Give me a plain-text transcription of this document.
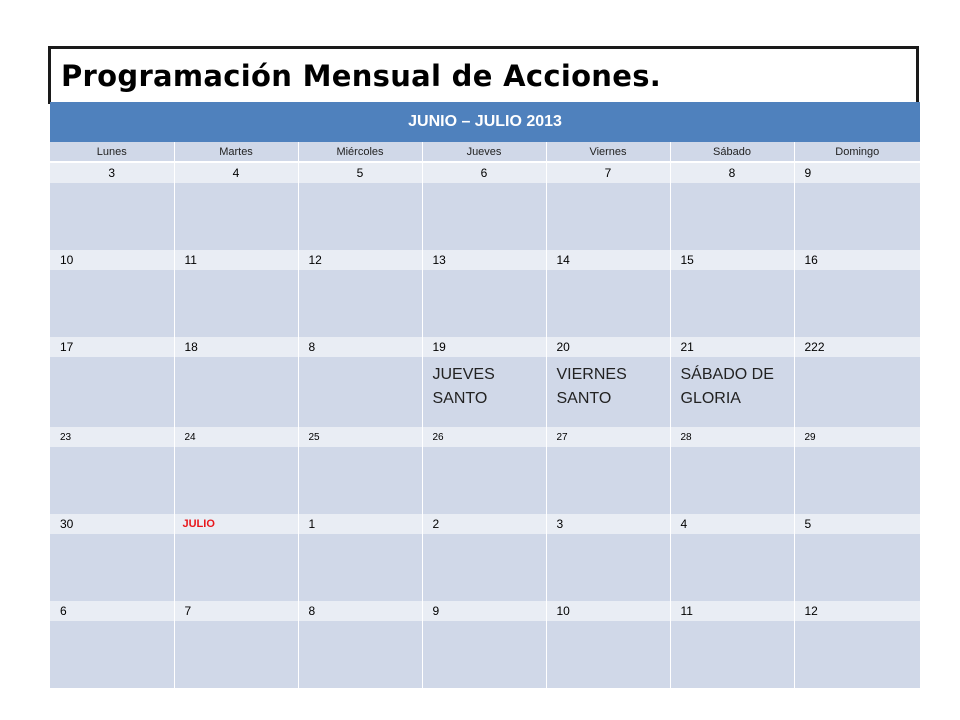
Programación Mensual de Acciones.
JUNIO – JULIO 2013						
Lunes	Martes	Miércoles	Jueves	Viernes	Sábado	Domingo
3	4	5	6	7	8	9

10	11	12	13	14	15	16

17	18	8	19	20	21	222

			JUEVES SANTO	VIERNES SANTO	SÁBADO DE GLORIA	

23	24	25	26	27	28	29

30	JULIO	1	2	3	4	5

6	7	8	9	10	11	12
